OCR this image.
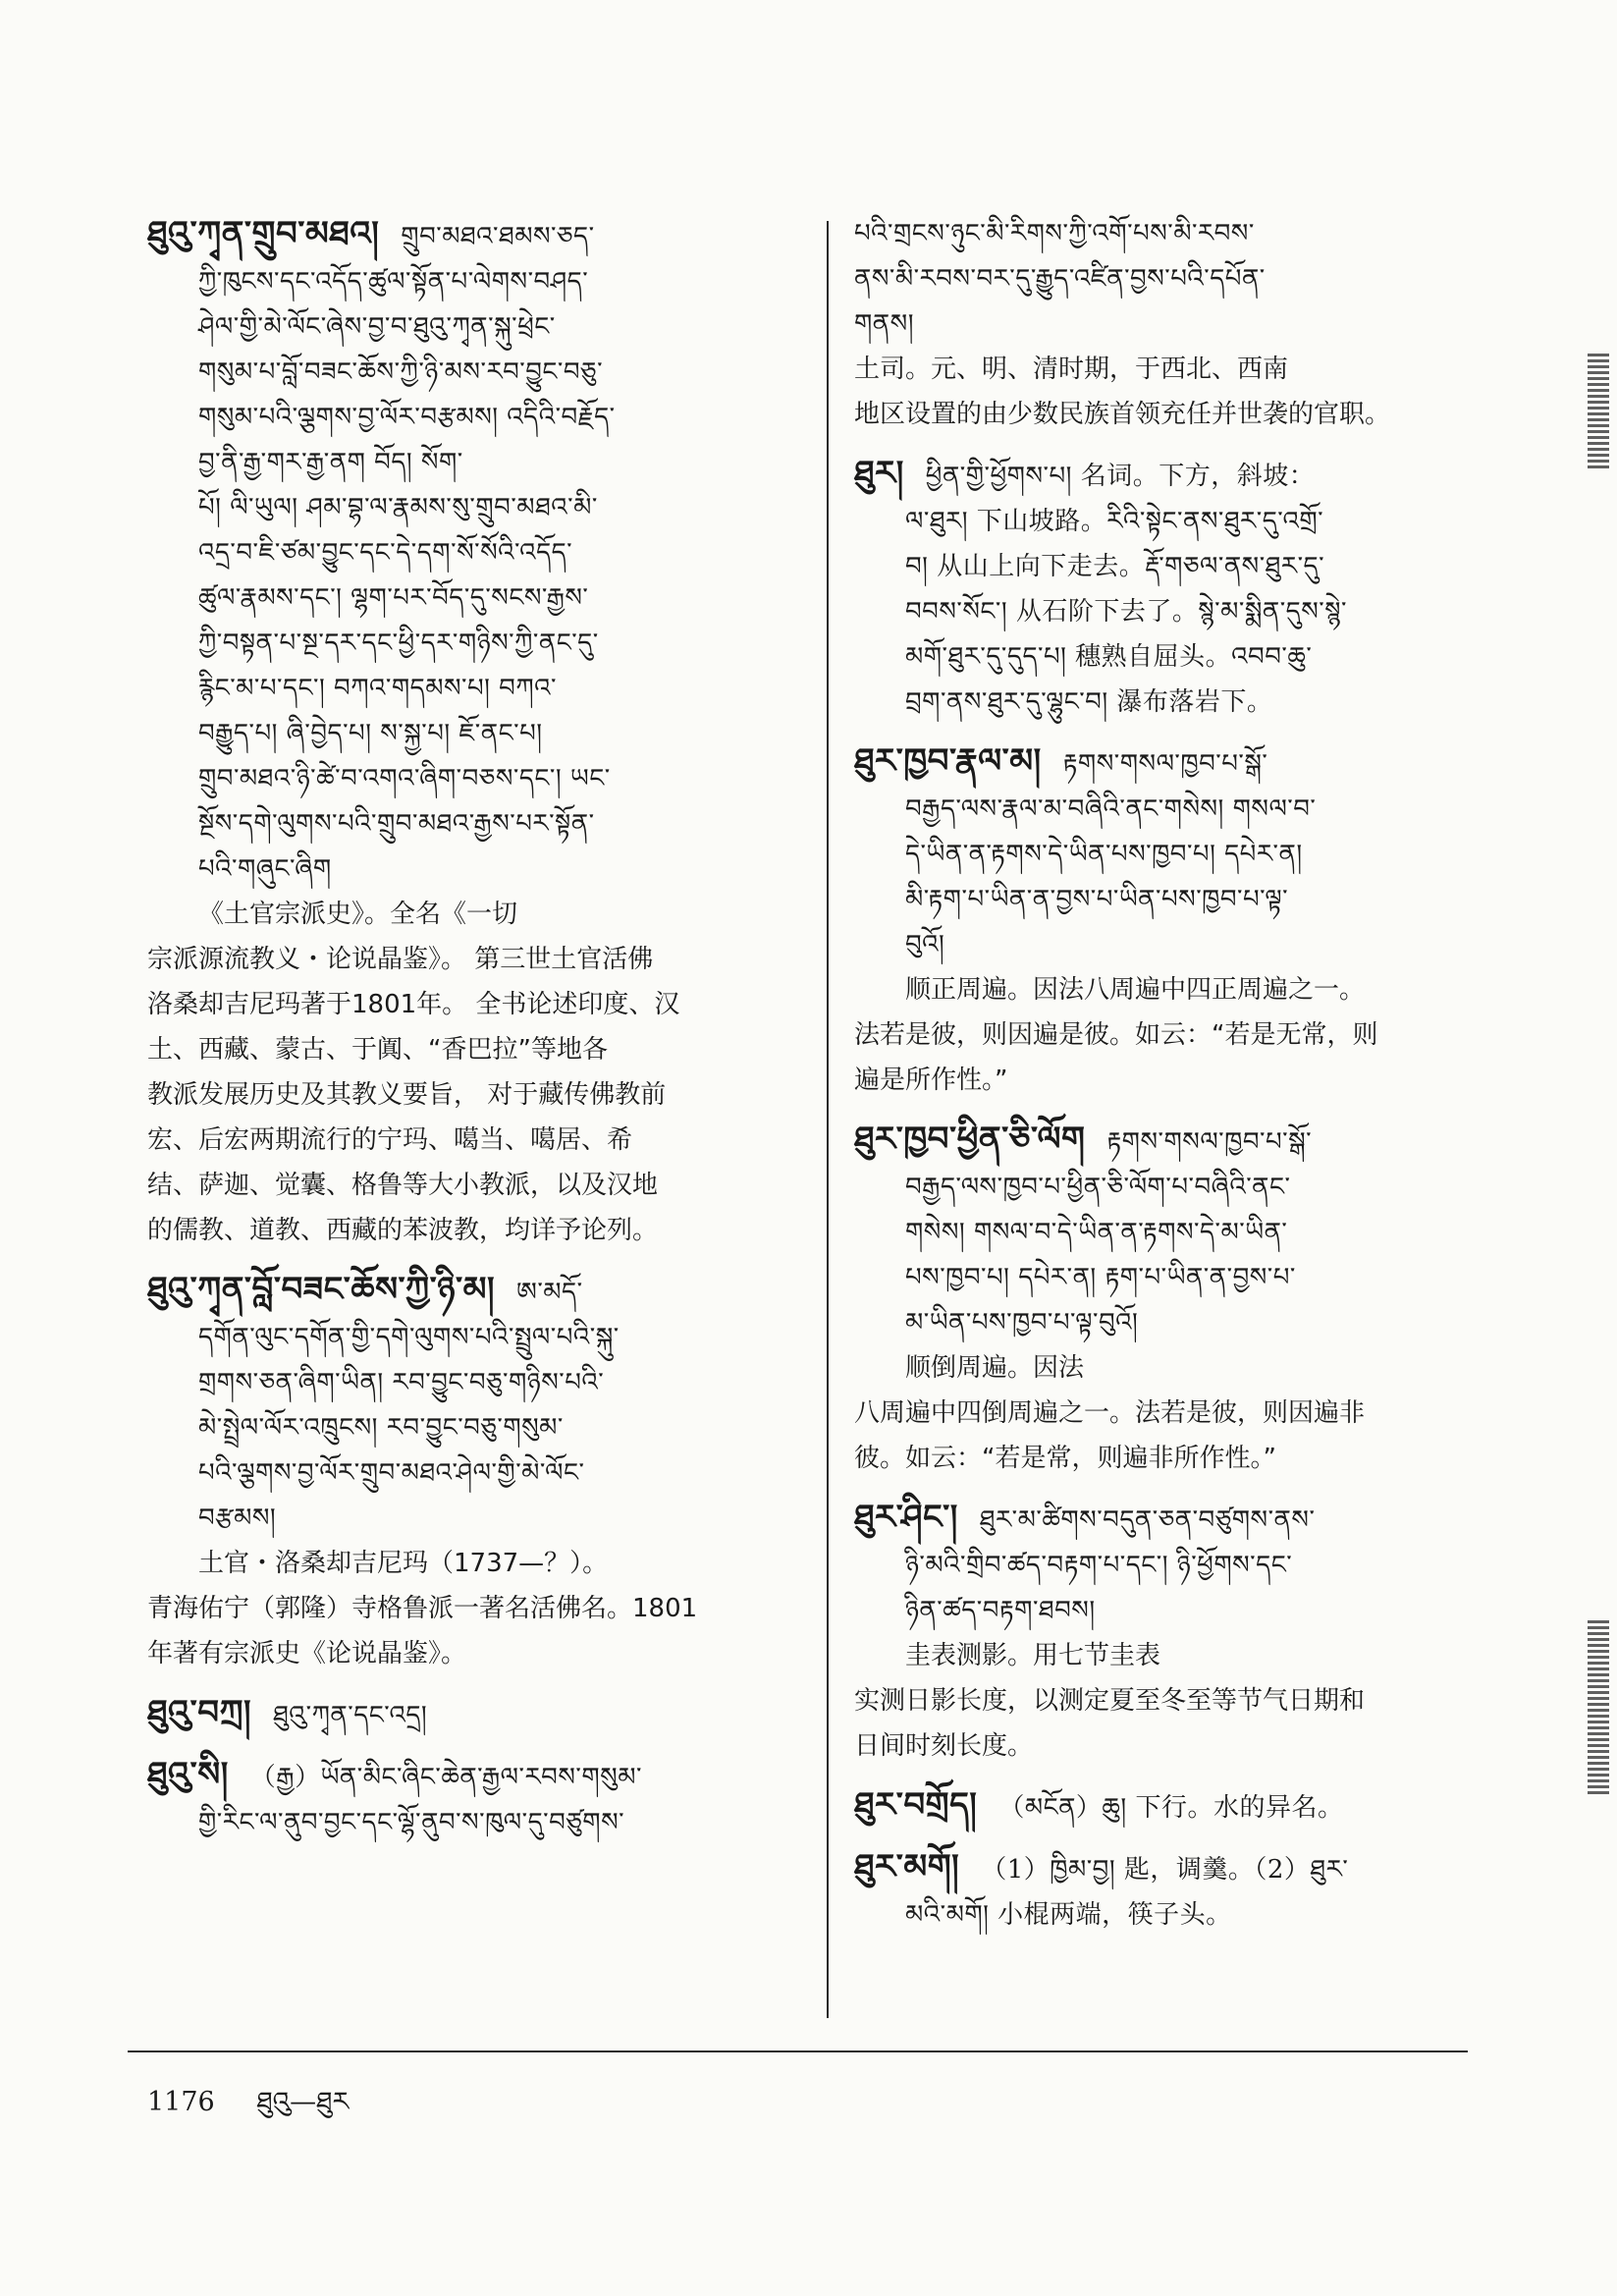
ཐུའུ་ཀྭན་གྲུབ་མཐའ། གྲུབ་མཐའ་ཐམས་ཅད་

ཀྱི་ཁུངས་དང་འདོད་ཚུལ་སྟོན་པ་ལེགས་བཤད་

ཤེལ་གྱི་མེ་ལོང་ཞེས་བྱ་བ་ཐུའུ་ཀྭན་སྐུ་ཕྲེང་

གསུམ་པ་བློ་བཟང་ཆོས་ཀྱི་ཉི་མས་རབ་བྱུང་བཅུ་

གསུམ་པའི་ལྕགས་བྱ་ལོར་བརྩམས། འདིའི་བརྗོད་

བྱ་ནི་རྒྱ་གར་རྒྱ་ནག བོད། སོག་

པོ། ལི་ཡུལ། ཤམ་བྷ་ལ་རྣམས་སུ་གྲུབ་མཐའ་མི་

འདྲ་བ་ཇི་ཙམ་བྱུང་དང་དེ་དག་སོ་སོའི་འདོད་

ཚུལ་རྣམས་དང་། ལྷག་པར་བོད་དུ་སངས་རྒྱས་

ཀྱི་བསྟན་པ་སྔ་དར་དང་ཕྱི་དར་གཉིས་ཀྱི་ནང་དུ་

རྙིང་མ་པ་དང་། བཀའ་གདམས་པ། བཀའ་

བརྒྱུད་པ། ཞི་བྱེད་པ། ས་སྐྱ་པ། ཇོ་ནང་པ།

གྲུབ་མཐའ་ཉི་ཚེ་བ་འགའ་ཞིག་བཅས་དང་། ཡང་

སྔོས་དགེ་ལུགས་པའི་གྲུབ་མཐའ་རྒྱས་པར་སྟོན་

པའི་གཞུང་ཞིག

《土官宗派史》。全名《一切

宗派源流教义・论说晶鉴》。 第三世土官活佛

洛桑却吉尼玛著于1801年。 全书论述印度、汉

土、西藏、蒙古、于阗、“香巴拉”等地各

教派发展历史及其教义要旨， 对于藏传佛教前

宏、后宏两期流行的宁玛、噶当、噶居、希

结、萨迦、觉囊、格鲁等大小教派，以及汉地

的儒教、道教、西藏的苯波教，均详予论列。

ཐུའུ་ཀྭན་བློ་བཟང་ཆོས་ཀྱི་ཉི་མ། ཨ་མདོ་

དགོན་ལུང་དགོན་གྱི་དགེ་ལུགས་པའི་སྤྲུལ་པའི་སྐུ་

གྲགས་ཅན་ཞིག་ཡིན། རབ་བྱུང་བཅུ་གཉིས་པའི་

མེ་སྤྲེལ་ལོར་འཁྲུངས། རབ་བྱུང་བཅུ་གསུམ་

པའི་ལྕགས་བྱ་ལོར་གྲུབ་མཐའ་ཤེལ་གྱི་མེ་ལོང་

བརྩམས།

土官・洛桑却吉尼玛（1737—？）。

青海佑宁（郭隆）寺格鲁派一著名活佛名。1801

年著有宗派史《论说晶鉴》。

ཐུའུ་བཀྲ། ཐུའུ་ཀྭན་དང་འདྲ།

ཐུའུ་སི། （རྒྱ）ཡོན་མིང་ཞིང་ཆེན་རྒྱལ་རབས་གསུམ་

གྱི་རིང་ལ་ནུབ་བྱང་དང་ལྷོ་ནུབ་ས་ཁུལ་དུ་བཙུགས་

པའི་གྲངས་ཉུང་མི་རིགས་ཀྱི་འགོ་པས་མི་རབས་

ནས་མི་རབས་བར་དུ་རྒྱུད་འཛིན་བྱས་པའི་དཔོན་

གནས།

土司。元、明、清时期，于西北、西南

地区设置的由少数民族首领充任并世袭的官职。

ཐུར། ཕྱིན་གྱི་ཕྱོགས་པ། 名词。下方，斜坡：

ལ་ཐུར། 下山坡路。རིའི་སྟེང་ནས་ཐུར་དུ་འགྲོ་

བ། 从山上向下走去。རྡོ་གཅལ་ནས་ཐུར་དུ་

བབས་སོང་། 从石阶下去了。སྙེ་མ་སྨིན་དུས་སྙེ་

མགོ་ཐུར་དུ་དུད་པ། 穗熟自屈头。འབབ་ཆུ་

བྲག་ནས་ཐུར་དུ་ལྷུང་བ། 瀑布落岩下。

ཐུར་ཁྱབ་རྣལ་མ། རྟགས་གསལ་ཁྱབ་པ་སྒོ་

བརྒྱད་ལས་རྣལ་མ་བཞིའི་ནང་གསེས། གསལ་བ་

དེ་ཡིན་ན་རྟགས་དེ་ཡིན་པས་ཁྱབ་པ། དཔེར་ན།

མི་རྟག་པ་ཡིན་ན་བྱས་པ་ཡིན་པས་ཁྱབ་པ་ལྟ་

བུའོ།

顺正周遍。因法八周遍中四正周遍之一。

法若是彼，则因遍是彼。如云：“若是无常，则

遍是所作性。”

ཐུར་ཁྱབ་ཕྱིན་ཅི་ལོག རྟགས་གསལ་ཁྱབ་པ་སྒོ་

བརྒྱད་ལས་ཁྱབ་པ་ཕྱིན་ཅི་ལོག་པ་བཞིའི་ནང་

གསེས། གསལ་བ་དེ་ཡིན་ན་རྟགས་དེ་མ་ཡིན་

པས་ཁྱབ་པ། དཔེར་ན། རྟག་པ་ཡིན་ན་བྱས་པ་

མ་ཡིན་པས་ཁྱབ་པ་ལྟ་བུའོ།

顺倒周遍。因法

八周遍中四倒周遍之一。法若是彼，则因遍非

彼。如云：“若是常，则遍非所作性。”

ཐུར་ཤིང་། ཐུར་མ་ཚིགས་བདུན་ཅན་བཙུགས་ནས་

ཉི་མའི་གྲིབ་ཚད་བརྟག་པ་དང་། ཉི་ཕྱོགས་དང་

ཉིན་ཚད་བརྟག་ཐབས།

圭表测影。用七节圭表

实测日影长度，以测定夏至冬至等节气日期和

日间时刻长度。

ཐུར་བགྲོད། （མངོན）ཆུ། 下行。水的异名。

ཐུར་མགོ། （1）ཁྱིམ་བྱ། 匙，调羹。（2）ཐུར་

མའི་མགོ། 小棍两端，筷子头。

1176 ཐུའུ—ཐུར
